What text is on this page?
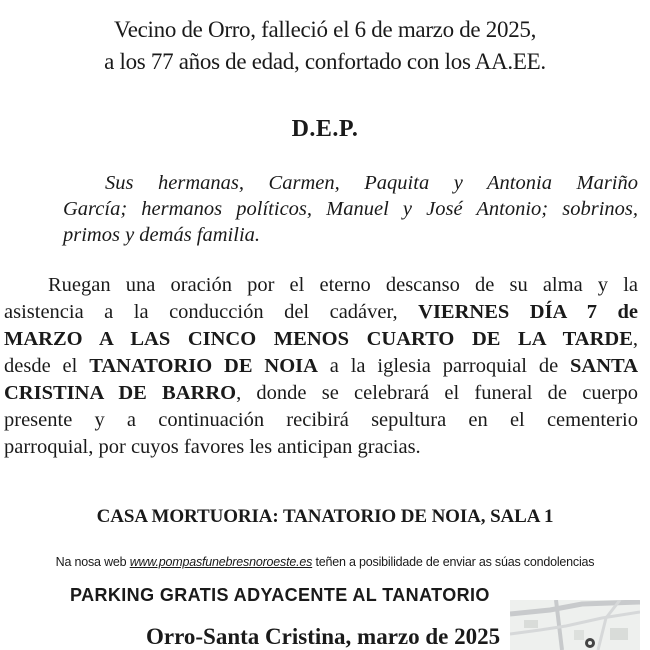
Vecino de Orro, falleció el 6 de marzo de 2025,
a los 77 años de edad, confortado con los AA.EE.
D.E.P.
Sus hermanas, Carmen, Paquita y Antonia Mariño
García; hermanos políticos, Manuel y José Antonio; sobrinos,
primos y demás familia.
Ruegan una oración por el eterno descanso de su alma y la
asistencia a la conducción del cadáver, VIERNES DÍA 7 de
MARZO A LAS CINCO MENOS CUARTO DE LA TARDE,
desde el TANATORIO DE NOIA a la iglesia parroquial de SANTA
CRISTINA DE BARRO, donde se celebrará el funeral de cuerpo
presente y a continuación recibirá sepultura en el cementerio
parroquial, por cuyos favores les anticipan gracias.
CASA MORTUORIA: TANATORIO DE NOIA, SALA 1
Na nosa web www.pompasfunebresnoroeste.es teñen a posibilidade de enviar as súas condolencias
PARKING GRATIS ADYACENTE AL TANATORIO
Orro-Santa Cristina, marzo de 2025
